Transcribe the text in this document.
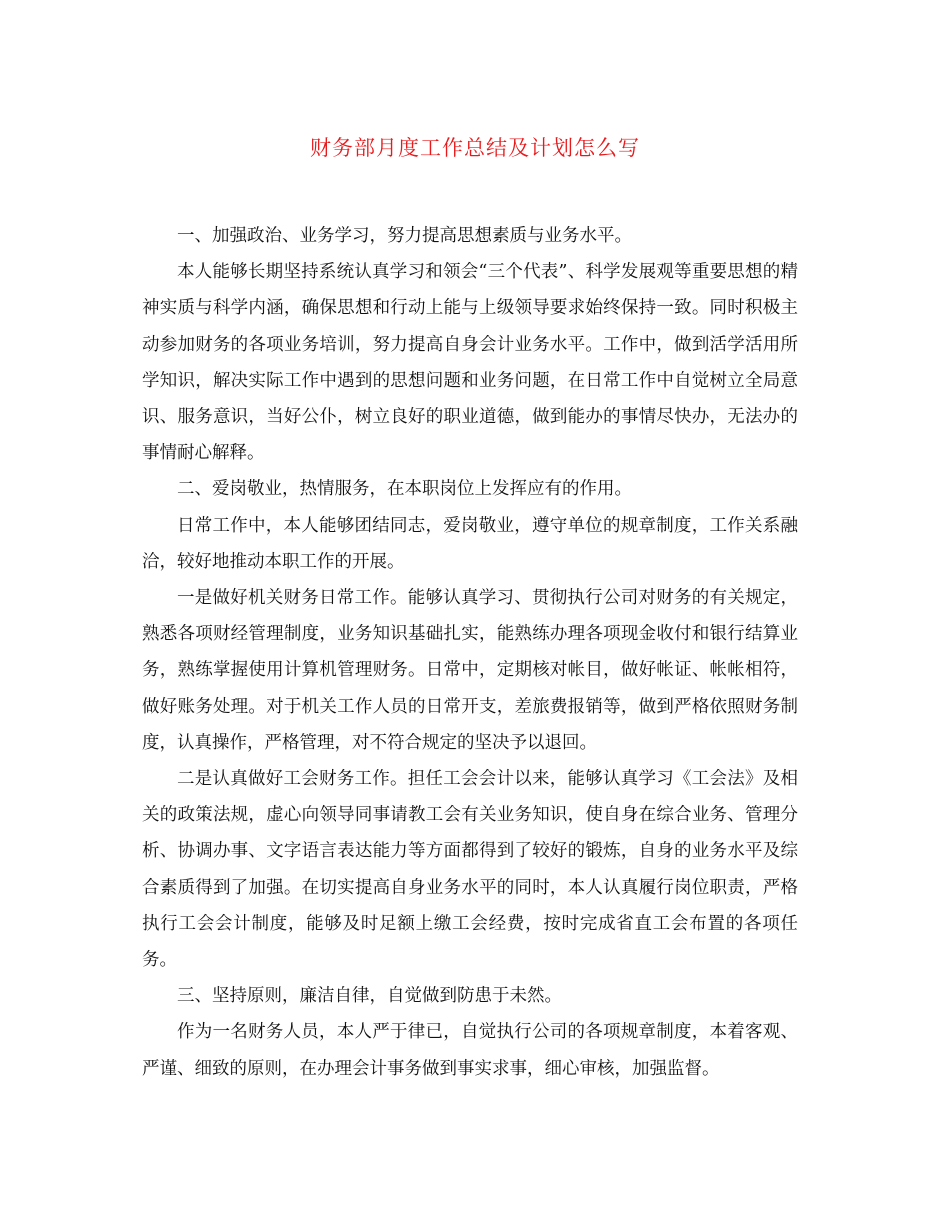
财务部月度工作总结及计划怎么写

一、加强政治、业务学习，努力提高思想素质与业务水平。

本人能够长期坚持系统认真学习和领会“三个代表”、科学发展观等重要思想的精神实质与科学内涵，确保思想和行动上能与上级领导要求始终保持一致。同时积极主动参加财务的各项业务培训，努力提高自身会计业务水平。工作中，做到活学活用所学知识，解决实际工作中遇到的思想问题和业务问题，在日常工作中自觉树立全局意识、服务意识，当好公仆，树立良好的职业道德，做到能办的事情尽快办，无法办的事情耐心解释。

二、爱岗敬业，热情服务，在本职岗位上发挥应有的作用。

日常工作中，本人能够团结同志，爱岗敬业，遵守单位的规章制度，工作关系融洽，较好地推动本职工作的开展。

一是做好机关财务日常工作。能够认真学习、贯彻执行公司对财务的有关规定，熟悉各项财经管理制度，业务知识基础扎实，能熟练办理各项现金收付和银行结算业务，熟练掌握使用计算机管理财务。日常中，定期核对帐目，做好帐证、帐帐相符，做好账务处理。对于机关工作人员的日常开支，差旅费报销等，做到严格依照财务制度，认真操作，严格管理，对不符合规定的坚决予以退回。

二是认真做好工会财务工作。担任工会会计以来，能够认真学习《工会法》及相关的政策法规，虚心向领导同事请教工会有关业务知识，使自身在综合业务、管理分析、协调办事、文字语言表达能力等方面都得到了较好的锻炼，自身的业务水平及综合素质得到了加强。在切实提高自身业务水平的同时，本人认真履行岗位职责，严格执行工会会计制度，能够及时足额上缴工会经费，按时完成省直工会布置的各项任务。

三、坚持原则，廉洁自律，自觉做到防患于未然。

作为一名财务人员，本人严于律已，自觉执行公司的各项规章制度，本着客观、严谨、细致的原则，在办理会计事务做到事实求事，细心审核，加强监督。
